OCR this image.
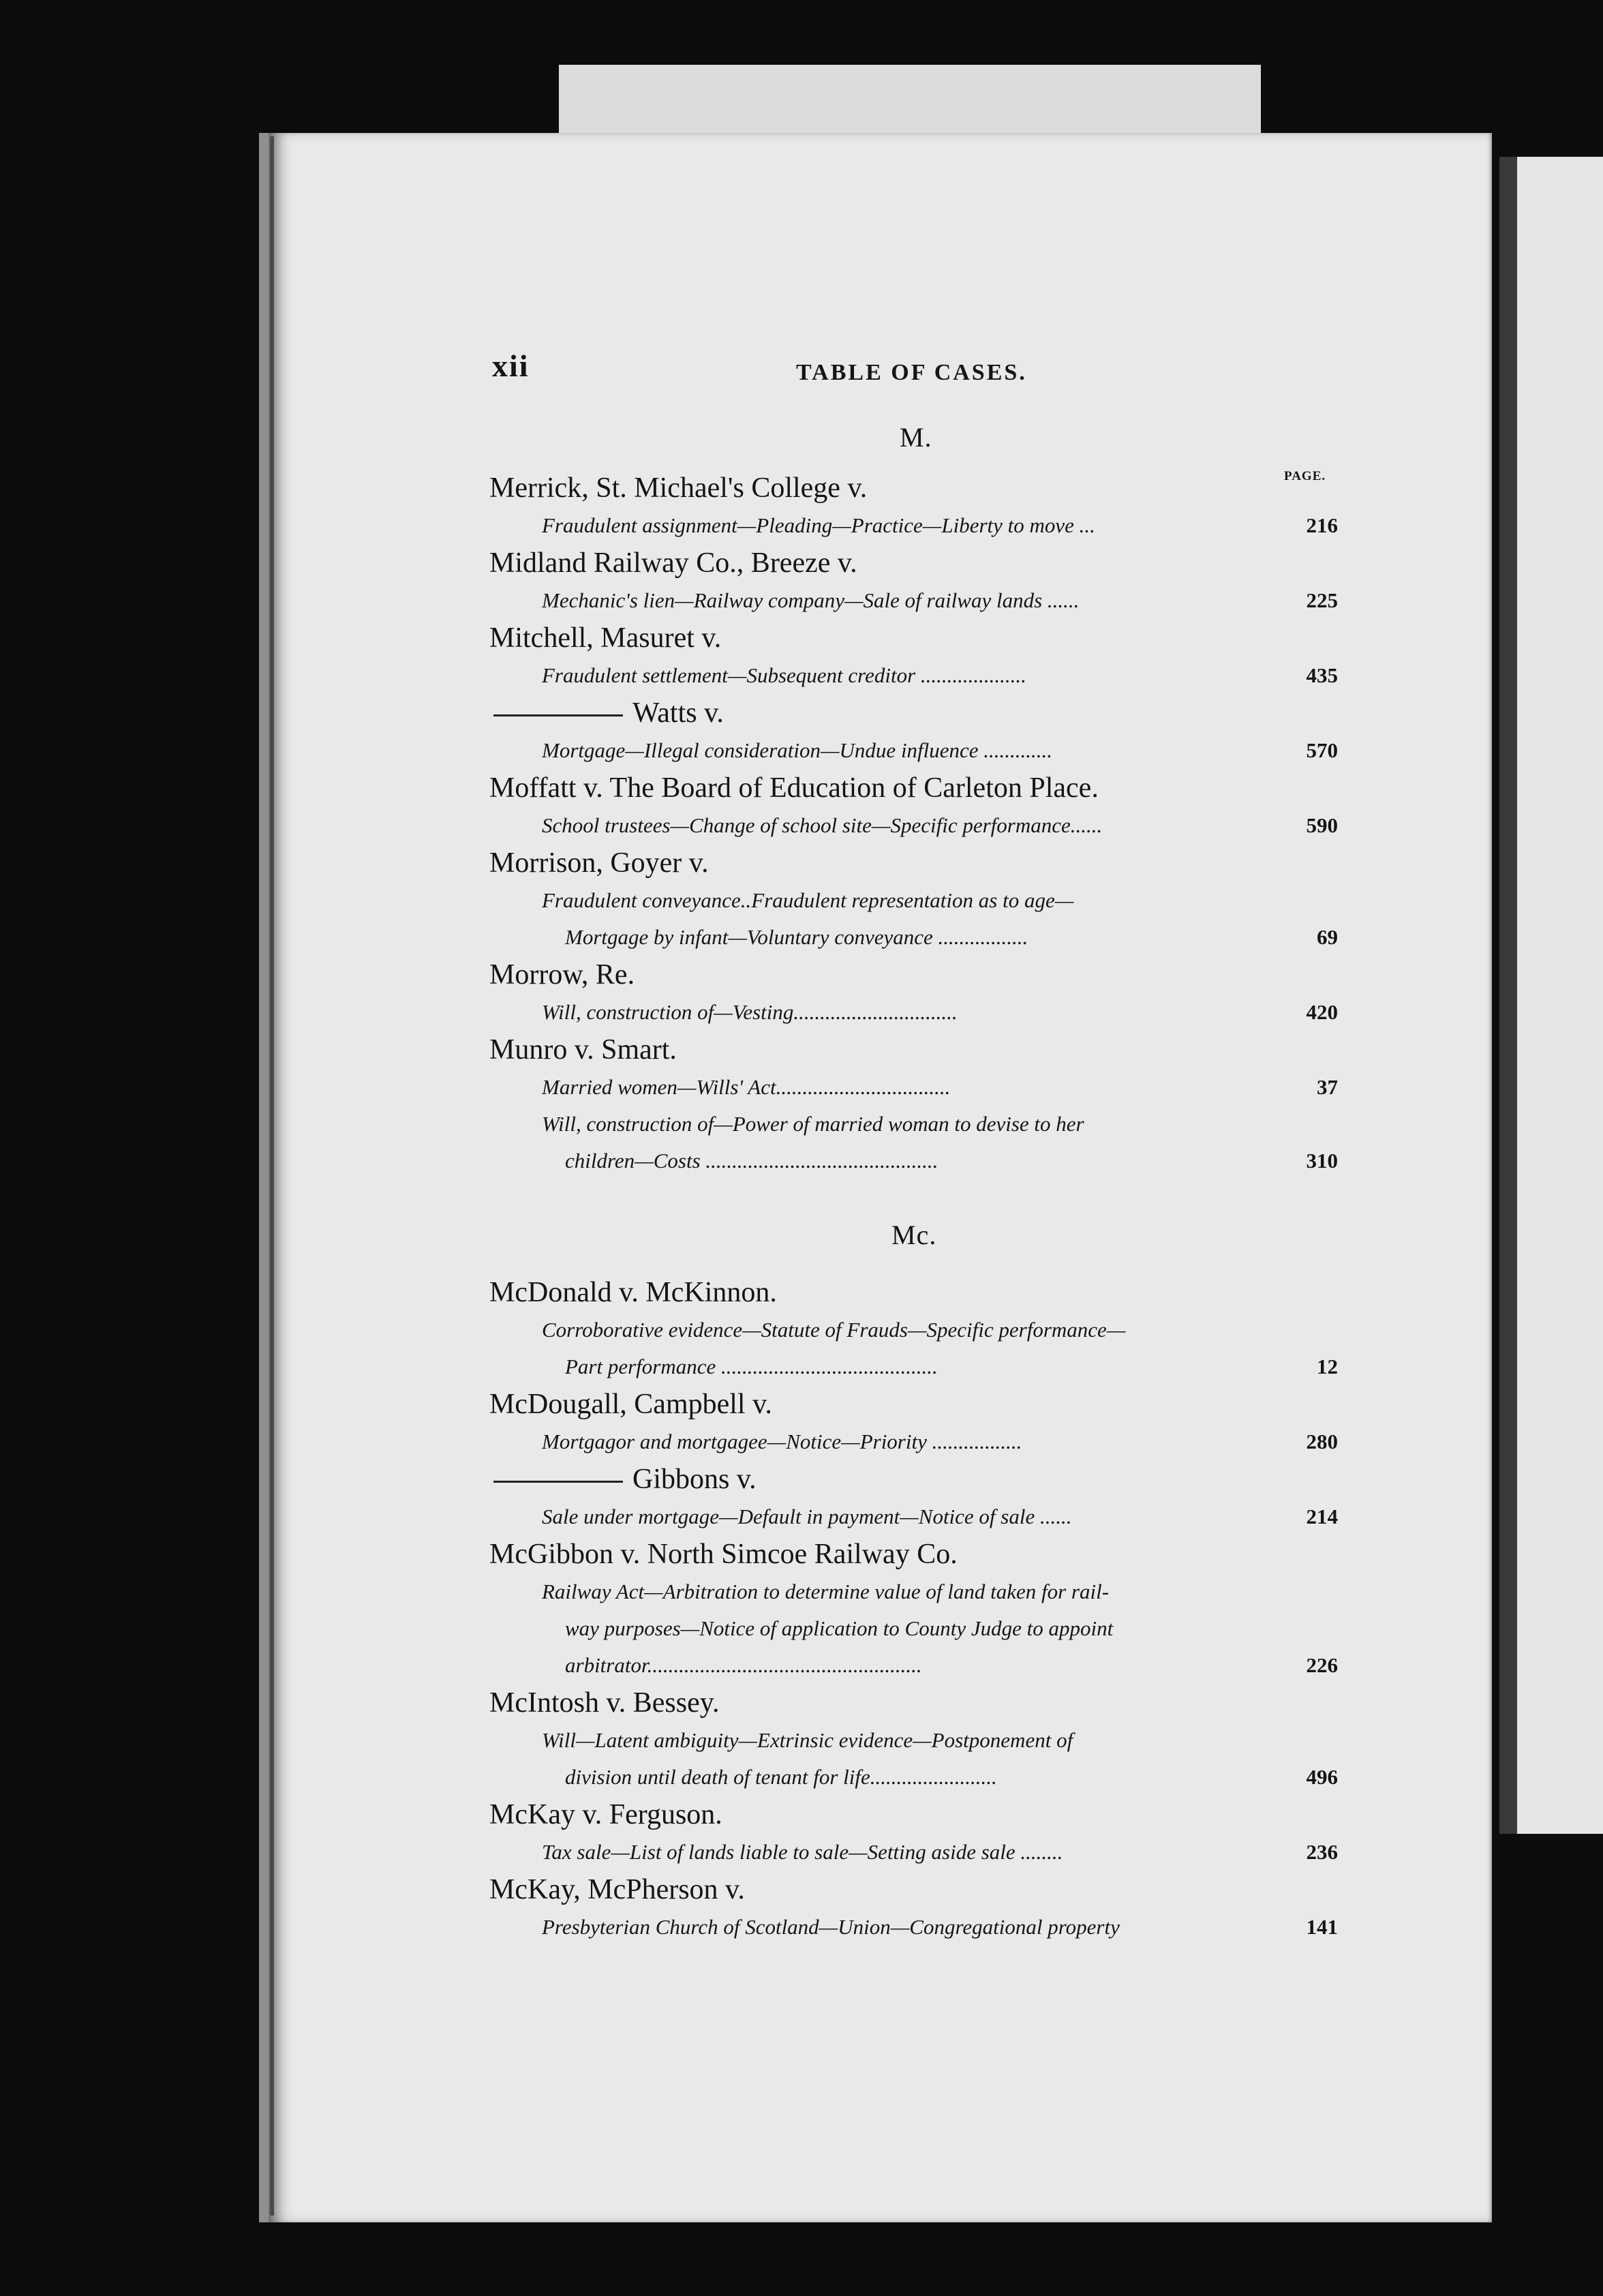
xii	TABLE OF CASES.
M.
PAGE.
Merrick, St. Michael's College v.
Fraudulent assignment—Pleading—Practice—Liberty to move ...	216
Midland Railway Co., Breeze v.
Mechanic's lien—Railway company—Sale of railway lands ......	225
Mitchell, Masuret v.
Fraudulent settlement—Subsequent creditor ....................	435
Watts v.
Mortgage—Illegal consideration—Undue influence .............	570
Moffatt v. The Board of Education of Carleton Place.
School trustees—Change of school site—Specific performance......	590
Morrison, Goyer v.
Fraudulent conveyance..Fraudulent representation as to age—
Mortgage by infant—Voluntary conveyance .................	69
Morrow, Re.
Will, construction of—Vesting...............................	420
Munro v. Smart.
Married women—Wills' Act.................................	37
Will, construction of—Power of married woman to devise to her
children—Costs ............................................	310
Mc.
McDonald v. McKinnon.
Corroborative evidence—Statute of Frauds—Specific performance—
Part performance .........................................	12
McDougall, Campbell v.
Mortgagor and mortgagee—Notice—Priority .................	280
Gibbons v.
Sale under mortgage—Default in payment—Notice of sale ......	214
McGibbon v. North Simcoe Railway Co.
Railway Act—Arbitration to determine value of land taken for rail-
way purposes—Notice of application to County Judge to appoint
arbitrator....................................................	226
McIntosh v. Bessey.
Will—Latent ambiguity—Extrinsic evidence—Postponement of
division until death of tenant for life........................	496
McKay v. Ferguson.
Tax sale—List of lands liable to sale—Setting aside sale ........	236
McKay, McPherson v.
Presbyterian Church of Scotland—Union—Congregational property	141
